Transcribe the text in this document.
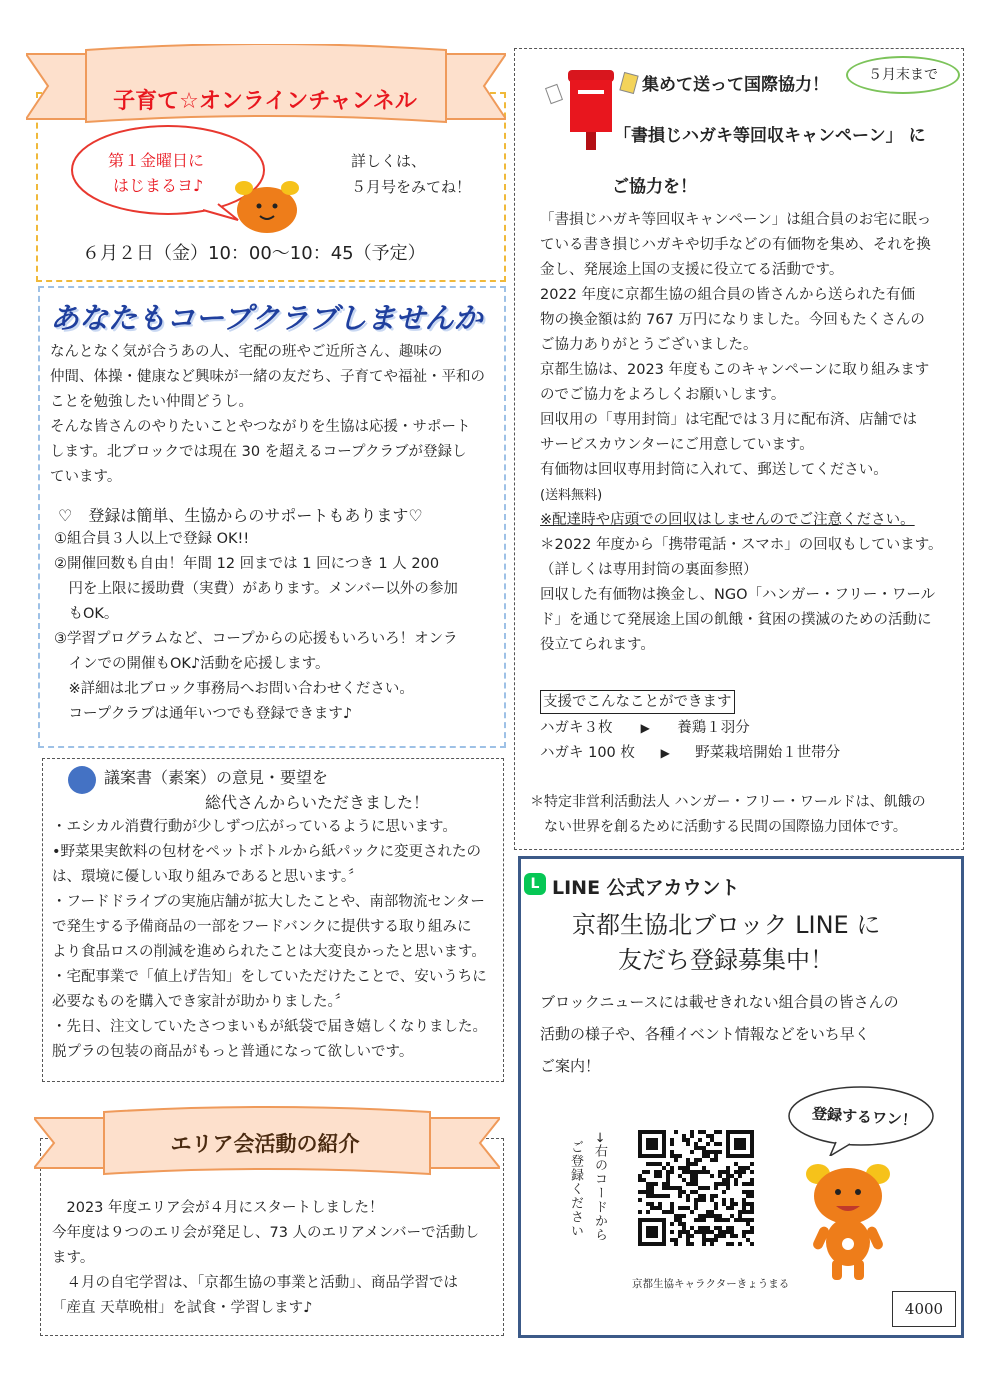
子育て☆オンラインチャンネル
第１金曜日に
はじまるヨ♪
詳しくは、
５月号をみてね！
６月２日（金）10：00〜10：45（予定）
あなたもコープクラブしませんか
なんとなく気が合うあの人、宅配の班やご近所さん、趣味の
仲間、体操・健康など興味が一緒の友だち、子育てや福祉・平和の
ことを勉強したい仲間どうし。
そんな皆さんのやりたいことやつながりを生協は応援・サポート
します。北ブロックでは現在 30 を超えるコープクラブが登録し
ています。
♡　登録は簡単、生協からのサポートもあります♡
①組合員３人以上で登録 OK!!
②開催回数も自由！年間 12 回までは 1 回につき 1 人 200
　円を上限に援助費（実費）があります。メンバー以外の参加
　もOK。
③学習プログラムなど、コープからの応援もいろいろ！オンラ
　インでの開催もOK♪活動を応援します。
　※詳細は北ブロック事務局へお問い合わせください。
　コープクラブは通年いつでも登録できます♪
議案書（素案）の意見・要望を
総代さんからいただきました！
・エシカル消費行動が少しずつ広がっているように思います。
•野菜果実飲料の包材をペットボトルから紙パックに変更されたの
は、環境に優しい取り組みであると思います。〞
・フードドライブの実施店舗が拡大したことや、南部物流センター
で発生する予備商品の一部をフードバンクに提供する取り組みに
より食品ロスの削減を進められたことは大変良かったと思います。
・宅配事業で「値上げ告知」をしていただけたことで、安いうちに
必要なものを購入でき家計が助かりました。〞
・先日、注文していたさつまいもが紙袋で届き嬉しくなりました。
脱プラの包装の商品がもっと普通になって欲しいです。
エリア会活動の紹介
　2023 年度エリア会が４月にスタートしました！
今年度は９つのエリ会が発足し、73 人のエリアメンバーで活動し
ます。
　４月の自宅学習は、「京都生協の事業と活動」、商品学習では
「産直 天草晩柑」を試食・学習します♪
集めて送って国際協力！	５月末まで
「書損じハガキ等回収キャンペーン」 に
ご協力を！
「書損じハガキ等回収キャンペーン」は組合員のお宅に眠っ
ている書き損じハガキや切手などの有価物を集め、それを換
金し、発展途上国の支援に役立てる活動です。
2022 年度に京都生協の組合員の皆さんから送られた有価
物の換金額は約 767 万円になりました。今回もたくさんの
ご協力ありがとうございました。
京都生協は、2023 年度もこのキャンペーンに取り組みます
のでご協力をよろしくお願いします。
回収用の「専用封筒」は宅配では３月に配布済、店舗では
サービスカウンターにご用意しています。
有価物は回収専用封筒に入れて、郵送してください。
(送料無料)
※配達時や店頭での回収はしませんのでご注意ください。
＊2022 年度から「携帯電話・スマホ」の回収もしています。
（詳しくは専用封筒の裏面参照）
回収した有価物は換金し、NGO「ハンガー・フリー・ワール
ド」を通じて発展途上国の飢餓・貧困の撲滅のための活動に
役立てられます。
支援でこんなことができます
ハガキ３枚 ▶ 養鶏１羽分
ハガキ 100 枚 ▶ 野菜栽培開始１世帯分
＊特定非営利活動法人 ハンガー・フリー・ワールドは、飢餓の
　ない世界を創るために活動する民間の国際協力団体です。
L LINE 公式アカウント
京都生協北ブロック LINE に
友だち登録募集中！
ブロックニュースには載せきれない組合員の皆さんの
活動の様子や、各種イベント情報などをいち早く
ご案内！
→右のコードから
ご登録ください
登録するワン！
京都生協キャラクターきょうまる
4000
